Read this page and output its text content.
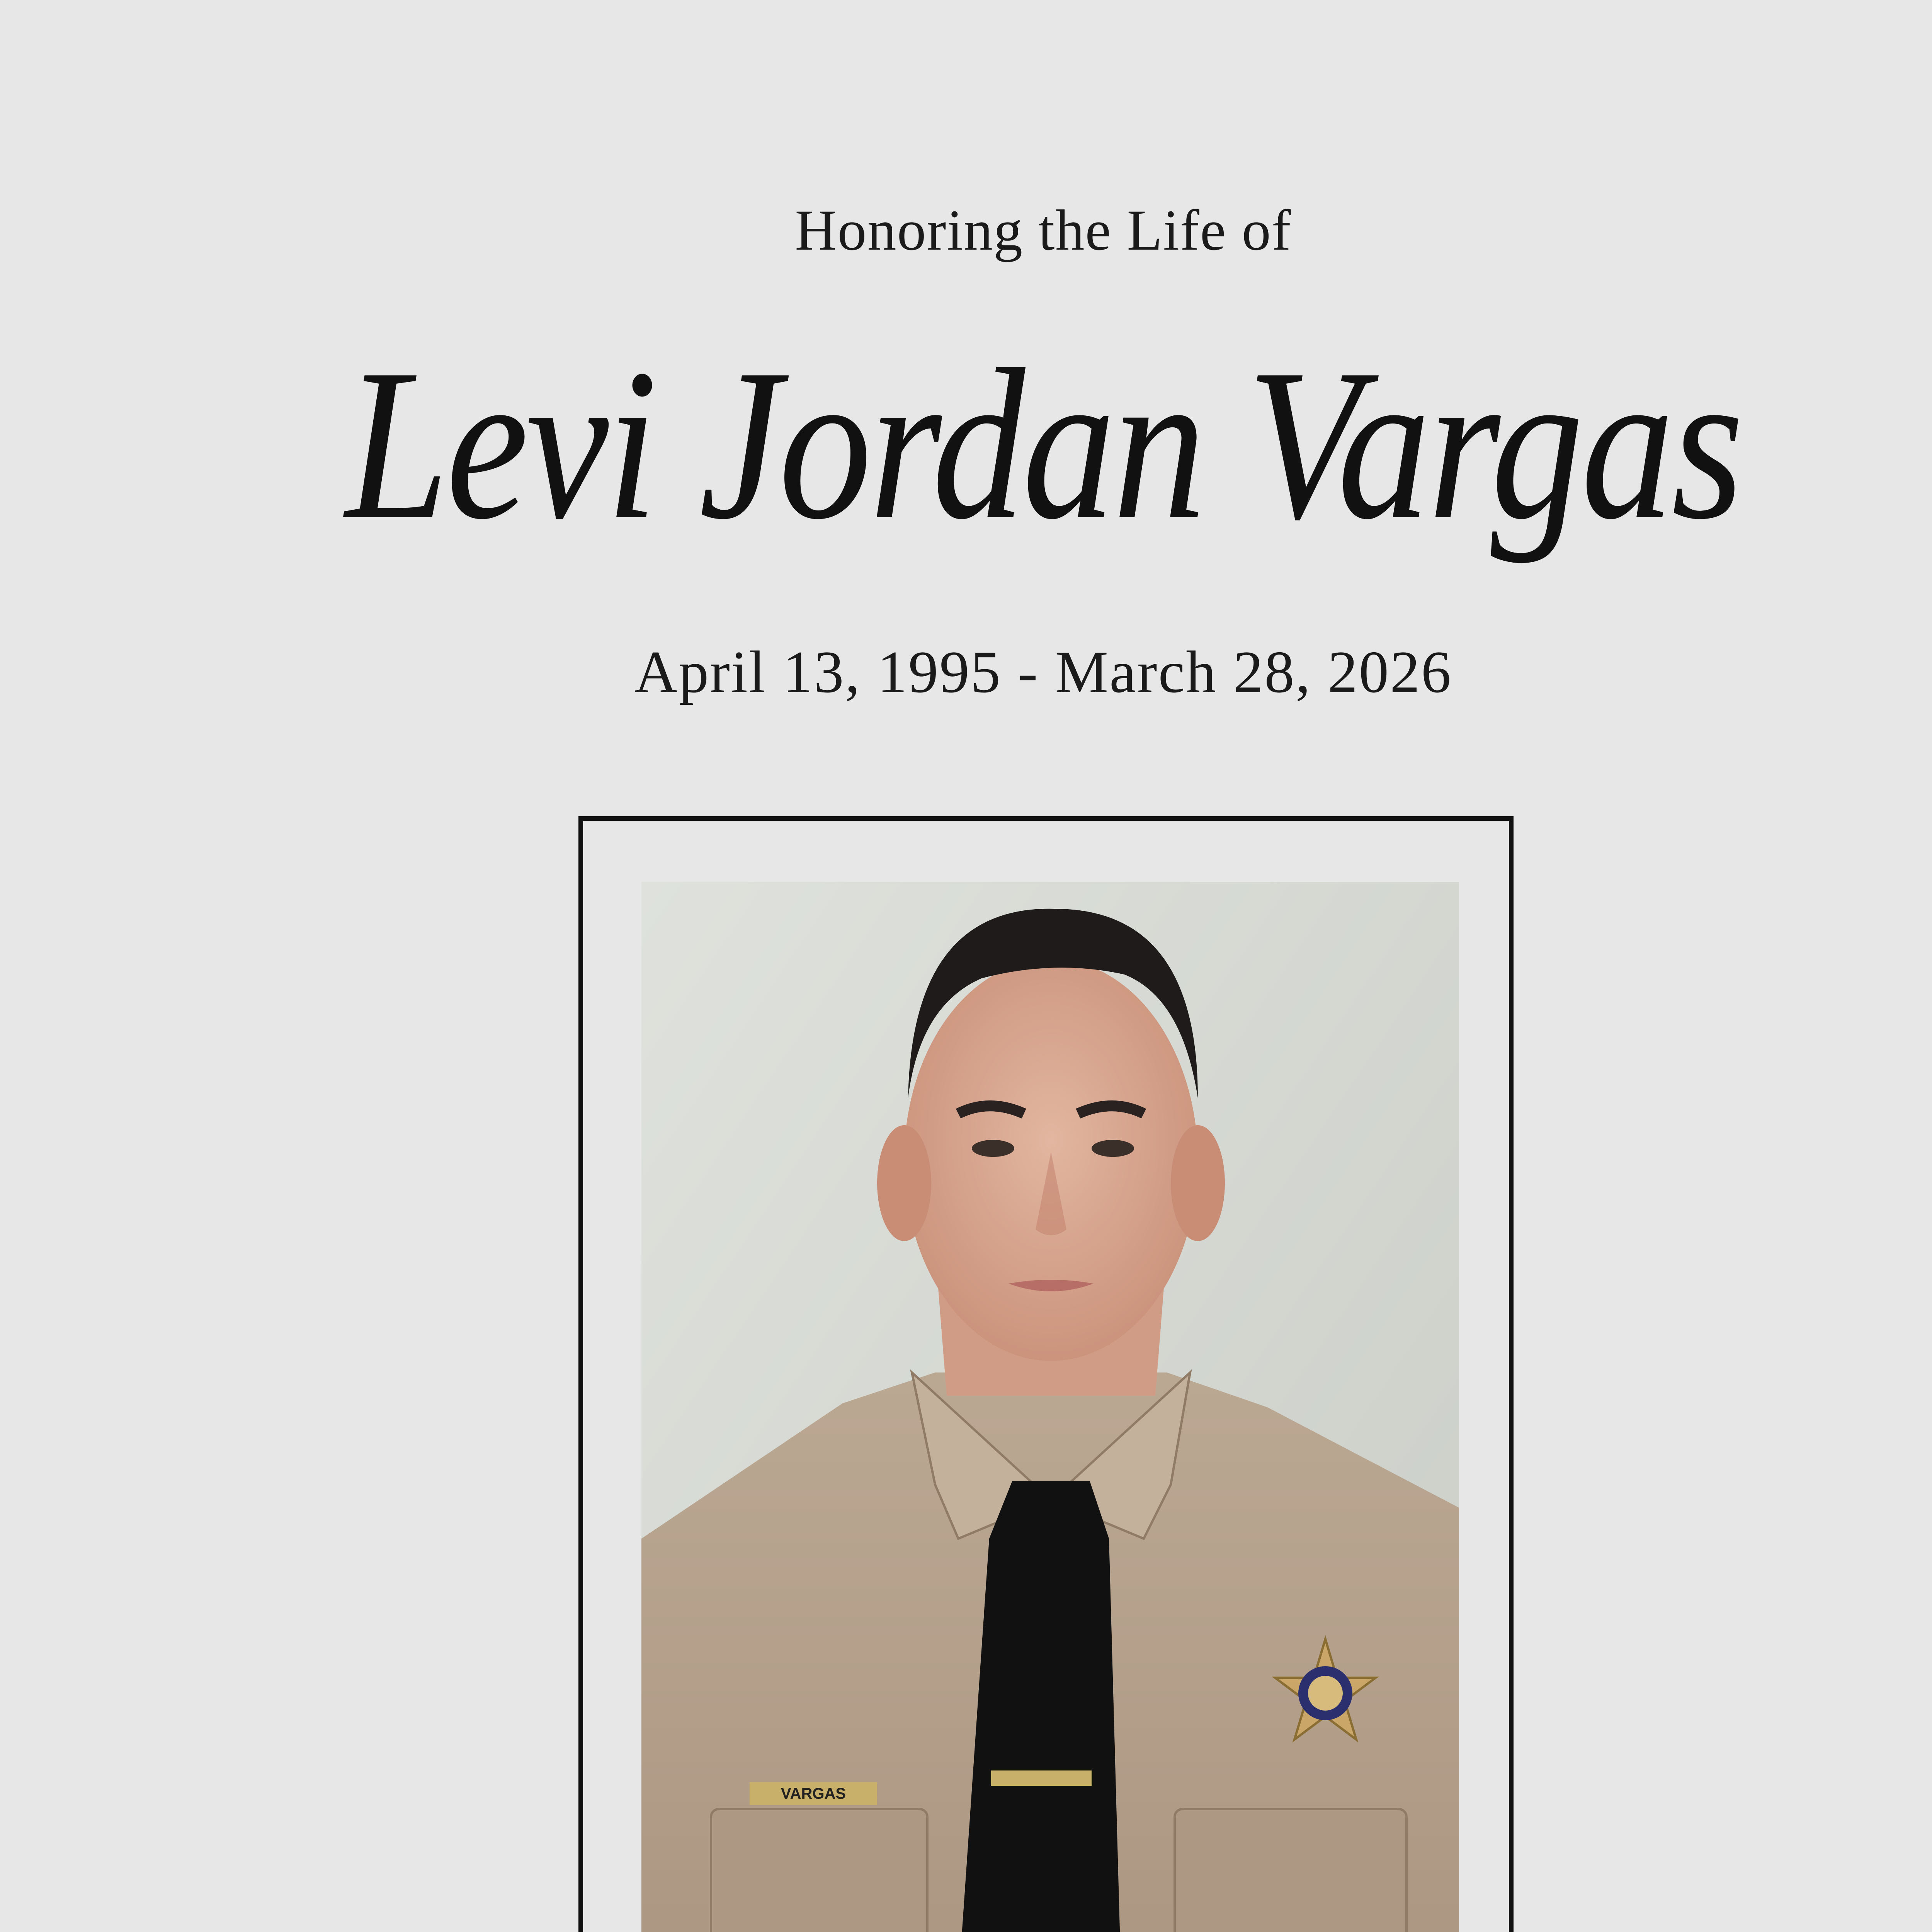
Honoring the Life of
Levi Jordan Vargas
April 13, 1995 - March 28, 2026
VARGAS
